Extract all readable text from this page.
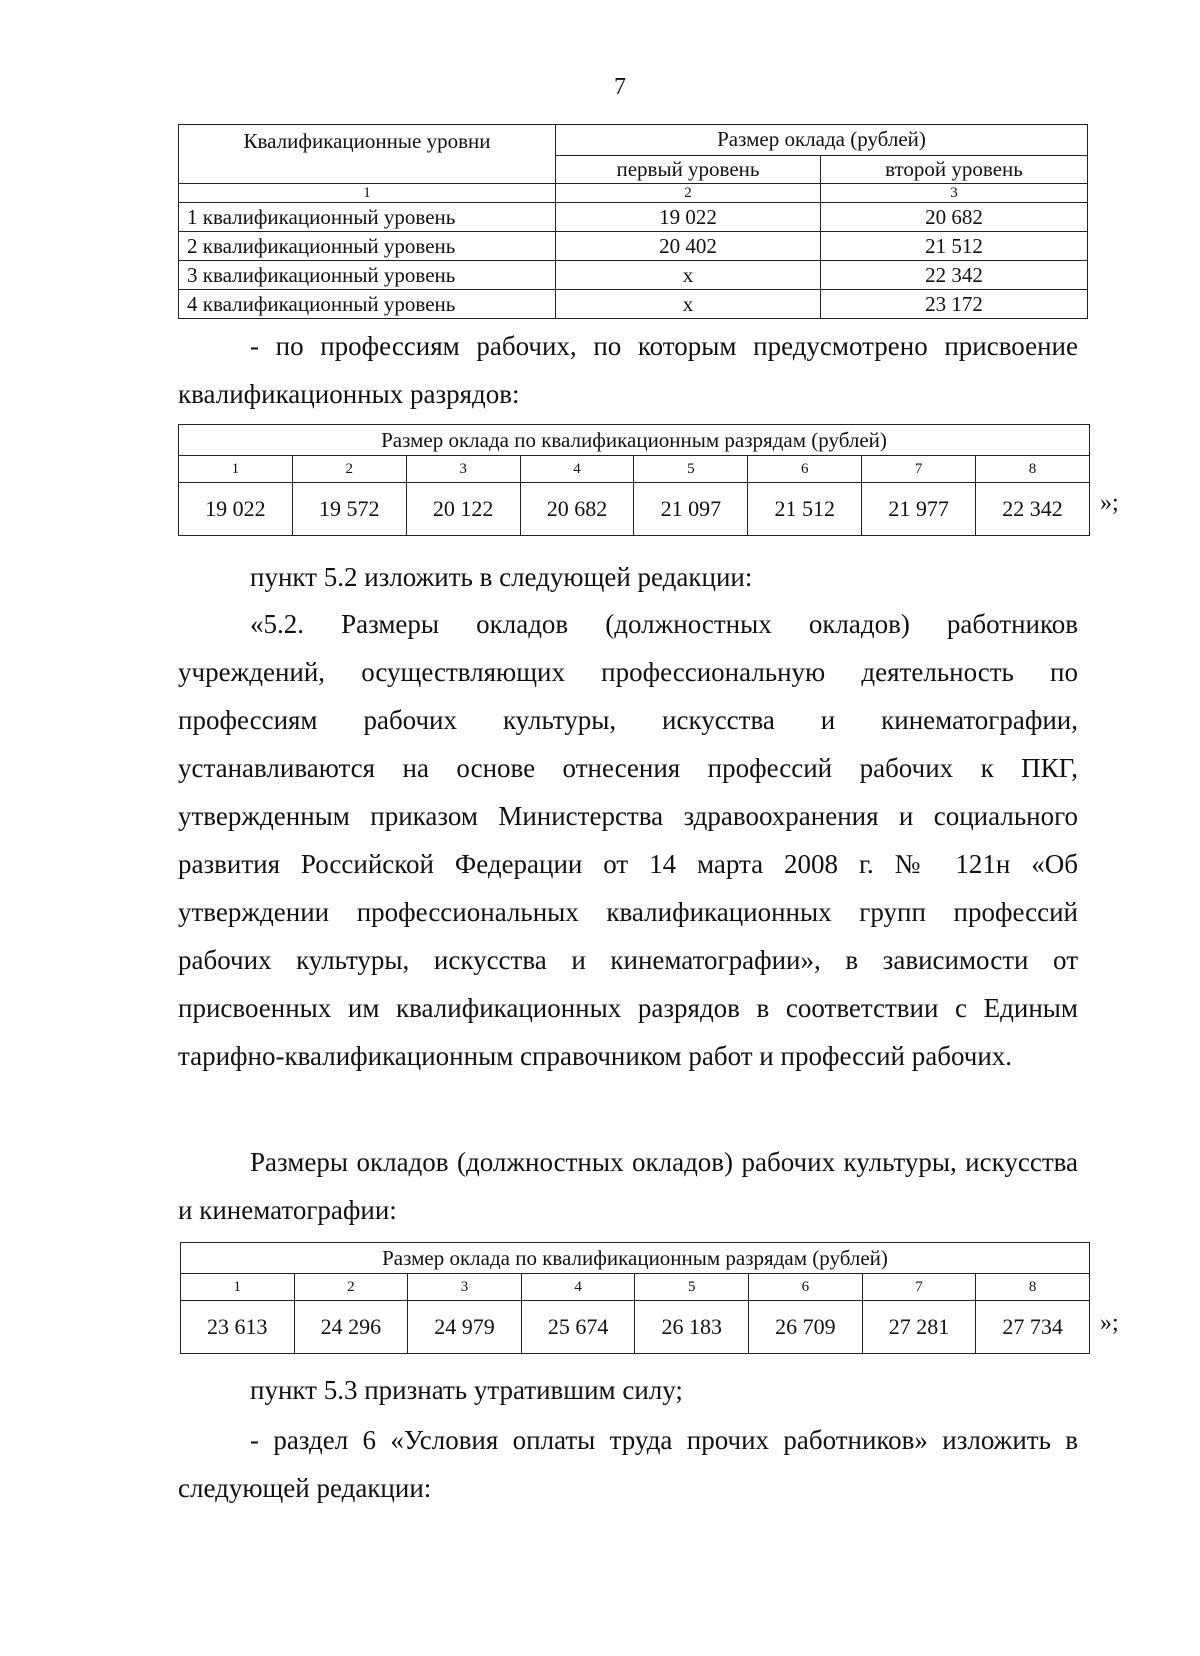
7
Квалификационные уровни	Размер оклада (рублей)	
	первый уровень	второй уровень
1	2	3
1 квалификационный уровень	19 022	20 682
2 квалификационный уровень	20 402	21 512
3 квалификационный уровень	х	22 342
4 квалификационный уровень	х	23 172
- по профессиям рабочих, по которым предусмотрено присвоение квалификационных разрядов:
Размер оклада по квалификационным разрядам (рублей)							
1	2	3	4	5	6	7	8
19 022	19 572	20 122	20 682	21 097	21 512	21 977	22 342 »;
пункт 5.2 изложить в следующей редакции:
«5.2. Размеры окладов (должностных окладов) работников учреждений, осуществляющих профессиональную деятельность по профессиям рабочих культуры, искусства и кинематографии, устанавливаются на основе отнесения профессий рабочих к ПКГ, утвержденным приказом Министерства здравоохранения и социального развития Российской Федерации от 14 марта 2008 г. № 121н «Об утверждении профессиональных квалификационных групп профессий рабочих культуры, искусства и кинематографии», в зависимости от присвоенных им квалификационных разрядов в соответствии с Единым тарифно-квалификационным справочником работ и профессий рабочих.
Размеры окладов (должностных окладов) рабочих культуры, искусства и кинематографии:
Размер оклада по квалификационным разрядам (рублей)							
1	2	3	4	5	6	7	8
23 613	24 296	24 979	25 674	26 183	26 709	27 281	27 734 »;
пункт 5.3 признать утратившим силу;
- раздел 6 «Условия оплаты труда прочих работников» изложить в следующей редакции:
